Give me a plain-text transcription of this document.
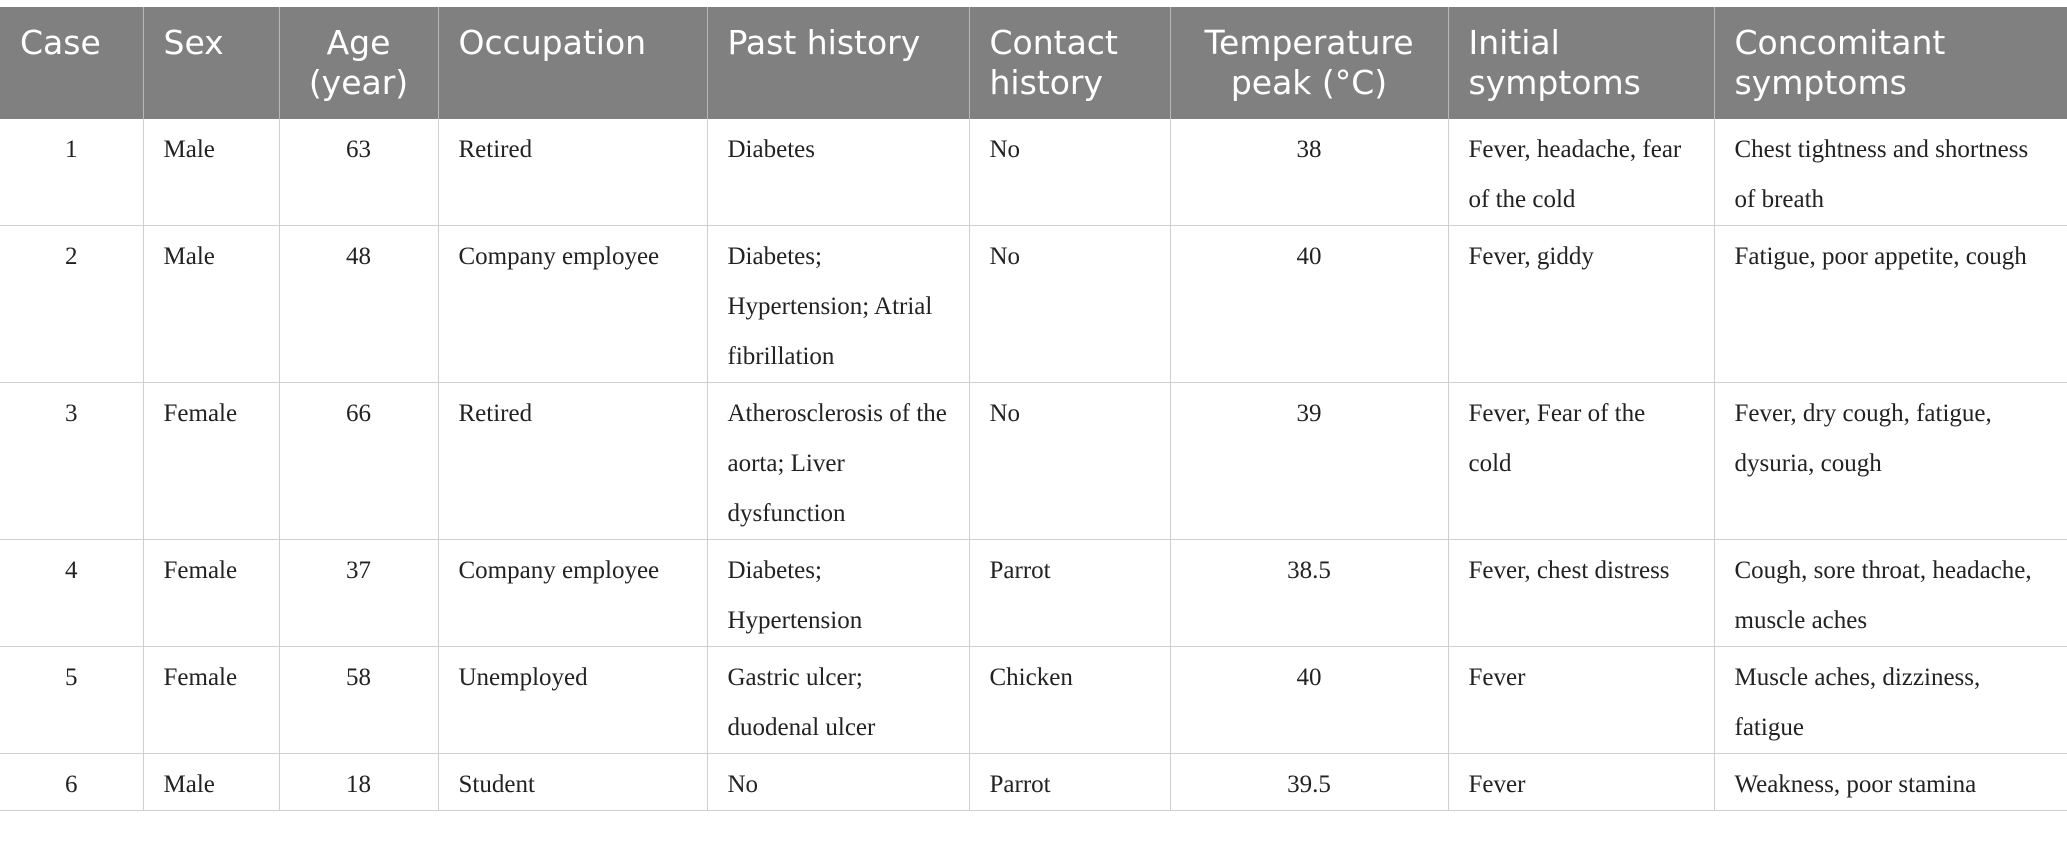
Case	Sex	Age (year)	Occupation	Past history	Contact history	Temperature peak (°C)	Initial symptoms	Concomitant symptoms
1	Male	63	Retired	Diabetes	No	38	Fever, headache, fear of the cold	Chest tightness and shortness of breath
2	Male	48	Company employee	Diabetes; Hypertension; Atrial fibrillation	No	40	Fever, giddy	Fatigue, poor appetite, cough
3	Female	66	Retired	Atherosclerosis of the aorta; Liver dysfunction	No	39	Fever, Fear of the cold	Fever, dry cough, fatigue, dysuria, cough
4	Female	37	Company employee	Diabetes; Hypertension	Parrot	38.5	Fever, chest distress	Cough, sore throat, headache, muscle aches
5	Female	58	Unemployed	Gastric ulcer; duodenal ulcer	Chicken	40	Fever	Muscle aches, dizziness, fatigue
6	Male	18	Student	No	Parrot	39.5	Fever	Weakness, poor stamina
